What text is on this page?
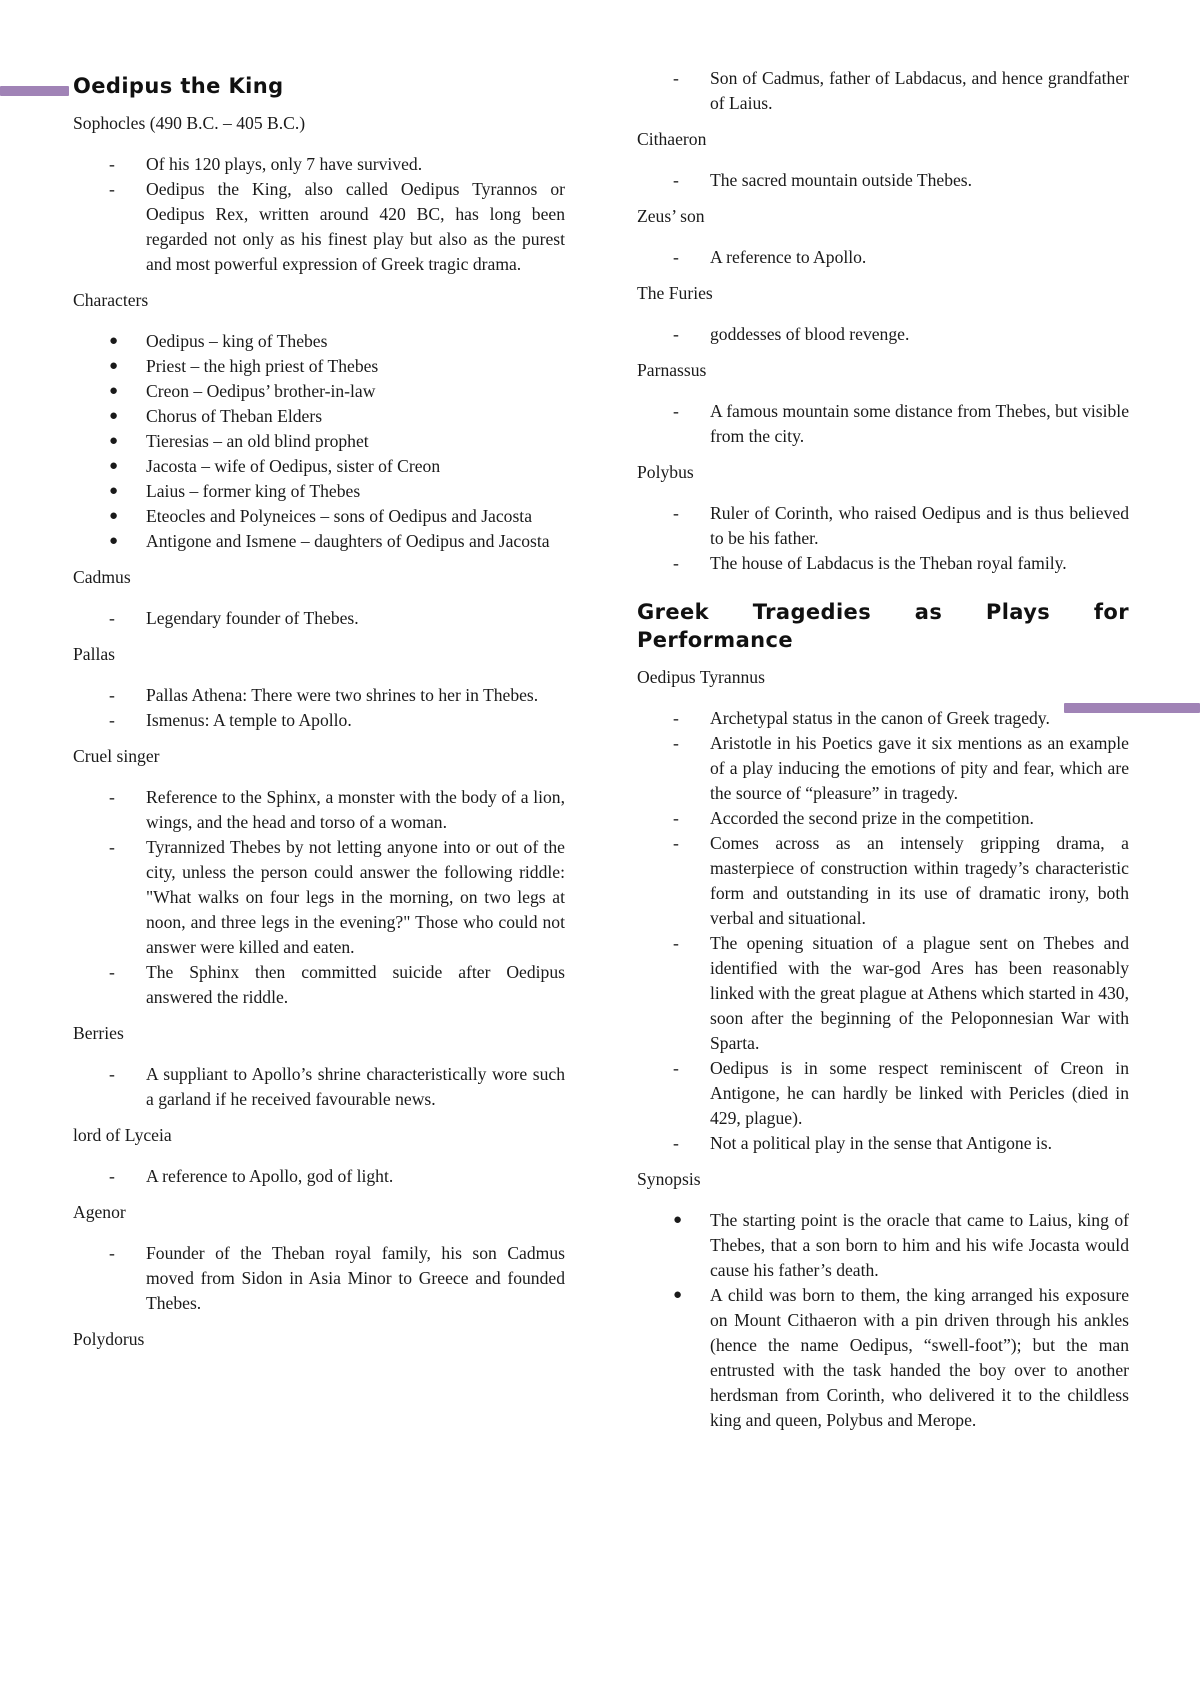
Oedipus the King

Sophocles (490 B.C. – 405 B.C.)

-	Of his 120 plays, only 7 have survived.
-	Oedipus the King, also called Oedipus Tyrannos or Oedipus Rex, written around 420 BC, has long been regarded not only as his finest play but also as the purest and most powerful expression of Greek tragic drama.

Characters

●	Oedipus – king of Thebes
●	Priest – the high priest of Thebes
●	Creon – Oedipus’ brother-in-law
●	Chorus of Theban Elders
●	Tieresias – an old blind prophet
●	Jacosta – wife of Oedipus, sister of Creon
●	Laius – former king of Thebes
●	Eteocles and Polyneices – sons of Oedipus and Jacosta
●	Antigone and Ismene – daughters of Oedipus and Jacosta

Cadmus

-	Legendary founder of Thebes.

Pallas

-	Pallas Athena: There were two shrines to her in Thebes.
-	Ismenus: A temple to Apollo.

Cruel singer

-	Reference to the Sphinx, a monster with the body of a lion, wings, and the head and torso of a woman.
-	Tyrannized Thebes by not letting anyone into or out of the city, unless the person could answer the following riddle: "What walks on four legs in the morning, on two legs at noon, and three legs in the evening?" Those who could not answer were killed and eaten.
-	The Sphinx then committed suicide after Oedipus answered the riddle.

Berries

-	A suppliant to Apollo’s shrine characteristically wore such a garland if he received favourable news.

lord of Lyceia

-	A reference to Apollo, god of light.

Agenor

-	Founder of the Theban royal family, his son Cadmus moved from Sidon in Asia Minor to Greece and founded Thebes.

Polydorus

-	Son of Cadmus, father of Labdacus, and hence grandfather of Laius.

Cithaeron

-	The sacred mountain outside Thebes.

Zeus’ son

-	A reference to Apollo.

The Furies

-	goddesses of blood revenge.

Parnassus

-	A famous mountain some distance from Thebes, but visible from the city.

Polybus

-	Ruler of Corinth, who raised Oedipus and is thus believed to be his father.
-	The house of Labdacus is the Theban royal family.
Greek Tragedies as Plays for Performance

Oedipus Tyrannus

-	Archetypal status in the canon of Greek tragedy.
-	Aristotle in his Poetics gave it six mentions as an example of a play inducing the emotions of pity and fear, which are the source of “pleasure” in tragedy.
-	Accorded the second prize in the competition.
-	Comes across as an intensely gripping drama, a masterpiece of construction within tragedy’s characteristic form and outstanding in its use of dramatic irony, both verbal and situational.
-	The opening situation of a plague sent on Thebes and identified with the war-god Ares has been reasonably linked with the great plague at Athens which started in 430, soon after the beginning of the Peloponnesian War with Sparta.
-	Oedipus is in some respect reminiscent of Creon in Antigone, he can hardly be linked with Pericles (died in 429, plague).
-	Not a political play in the sense that Antigone is.

Synopsis

●	The starting point is the oracle that came to Laius, king of Thebes, that a son born to him and his wife Jocasta would cause his father’s death.
●	A child was born to them, the king arranged his exposure on Mount Cithaeron with a pin driven through his ankles (hence the name Oedipus, “swell-foot”); but the man entrusted with the task handed the boy over to another herdsman from Corinth, who delivered it to the childless king and queen, Polybus and Merope.
